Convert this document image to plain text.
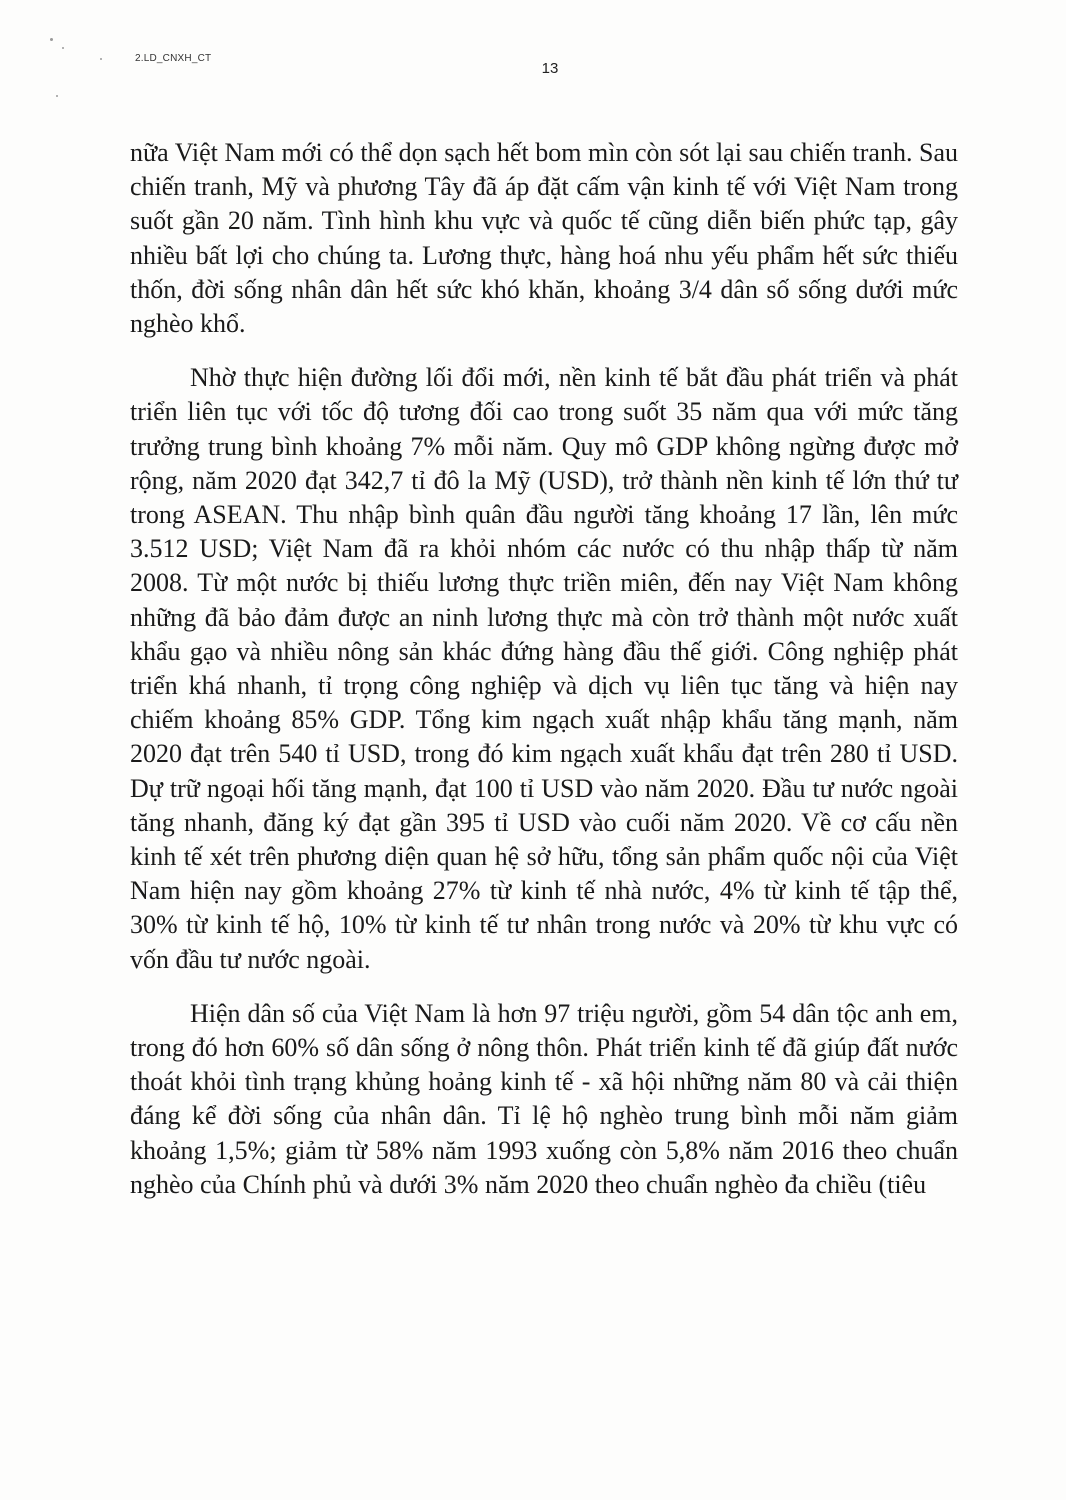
2.LD_CNXH_CT
13

nữa Việt Nam mới có thể dọn sạch hết bom mìn còn sót lại sau chiến tranh. Sau chiến tranh, Mỹ và phương Tây đã áp đặt cấm vận kinh tế với Việt Nam trong suốt gần 20 năm. Tình hình khu vực và quốc tế cũng diễn biến phức tạp, gây nhiều bất lợi cho chúng ta. Lương thực, hàng hoá nhu yếu phẩm hết sức thiếu thốn, đời sống nhân dân hết sức khó khăn, khoảng 3/4 dân số sống dưới mức nghèo khổ.

Nhờ thực hiện đường lối đổi mới, nền kinh tế bắt đầu phát triển và phát triển liên tục với tốc độ tương đối cao trong suốt 35 năm qua với mức tăng trưởng trung bình khoảng 7% mỗi năm. Quy mô GDP không ngừng được mở rộng, năm 2020 đạt 342,7 tỉ đô la Mỹ (USD), trở thành nền kinh tế lớn thứ tư trong ASEAN. Thu nhập bình quân đầu người tăng khoảng 17 lần, lên mức 3.512 USD; Việt Nam đã ra khỏi nhóm các nước có thu nhập thấp từ năm 2008. Từ một nước bị thiếu lương thực triền miên, đến nay Việt Nam không những đã bảo đảm được an ninh lương thực mà còn trở thành một nước xuất khẩu gạo và nhiều nông sản khác đứng hàng đầu thế giới. Công nghiệp phát triển khá nhanh, tỉ trọng công nghiệp và dịch vụ liên tục tăng và hiện nay chiếm khoảng 85% GDP. Tổng kim ngạch xuất nhập khẩu tăng mạnh, năm 2020 đạt trên 540 tỉ USD, trong đó kim ngạch xuất khẩu đạt trên 280 tỉ USD. Dự trữ ngoại hối tăng mạnh, đạt 100 tỉ USD vào năm 2020. Đầu tư nước ngoài tăng nhanh, đăng ký đạt gần 395 tỉ USD vào cuối năm 2020. Về cơ cấu nền kinh tế xét trên phương diện quan hệ sở hữu, tổng sản phẩm quốc nội của Việt Nam hiện nay gồm khoảng 27% từ kinh tế nhà nước, 4% từ kinh tế tập thể, 30% từ kinh tế hộ, 10% từ kinh tế tư nhân trong nước và 20% từ khu vực có vốn đầu tư nước ngoài.

Hiện dân số của Việt Nam là hơn 97 triệu người, gồm 54 dân tộc anh em, trong đó hơn 60% số dân sống ở nông thôn. Phát triển kinh tế đã giúp đất nước thoát khỏi tình trạng khủng hoảng kinh tế - xã hội những năm 80 và cải thiện đáng kể đời sống của nhân dân. Tỉ lệ hộ nghèo trung bình mỗi năm giảm khoảng 1,5%; giảm từ 58% năm 1993 xuống còn 5,8% năm 2016 theo chuẩn nghèo của Chính phủ và dưới 3% năm 2020 theo chuẩn nghèo đa chiều (tiêu
